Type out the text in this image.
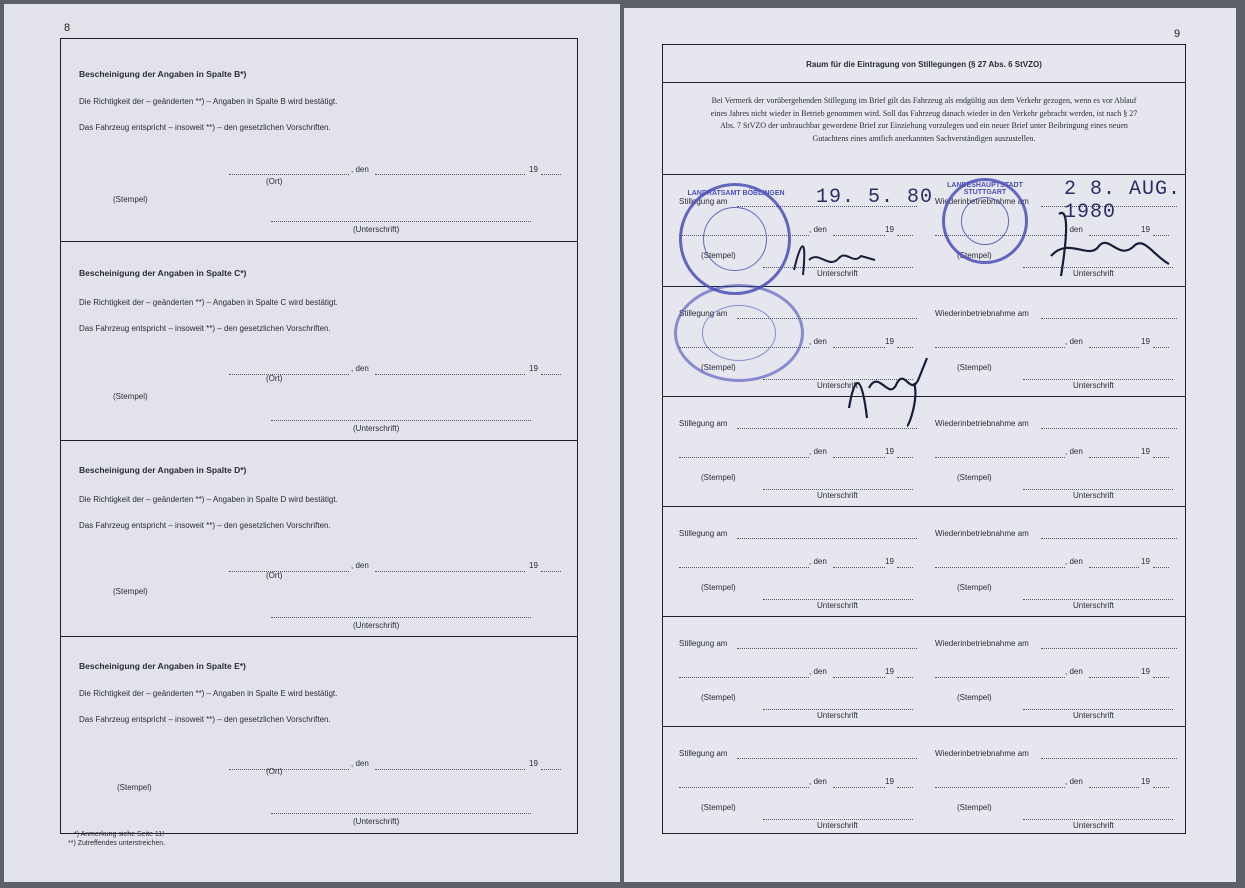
8
Bescheinigung der Angaben in Spalte B*)
Die Richtigkeit der – geänderten **) – Angaben in Spalte B wird bestätigt.
Das Fahrzeug entspricht – insoweit **) – den gesetzlichen Vorschriften.
, den	19
(Ort)
(Stempel)
(Unterschrift)
Bescheinigung der Angaben in Spalte C*)
Die Richtigkeit der – geänderten **) – Angaben in Spalte C wird bestätigt.
Das Fahrzeug entspricht – insoweit **) – den gesetzlichen Vorschriften.
, den	19
(Ort)
(Stempel)
(Unterschrift)
Bescheinigung der Angaben in Spalte D*)
Die Richtigkeit der – geänderten **) – Angaben in Spalte D wird bestätigt.
Das Fahrzeug entspricht – insoweit **) – den gesetzlichen Vorschriften.
, den	19
(Ort)
(Stempel)
(Unterschrift)
Bescheinigung der Angaben in Spalte E*)
Die Richtigkeit der – geänderten **) – Angaben in Spalte E wird bestätigt.
Das Fahrzeug entspricht – insoweit **) – den gesetzlichen Vorschriften.
, den	19
(Ort)
(Stempel)
(Unterschrift)
*) Anmerkung siehe Seite 11!
**) Zutreffendes unterstreichen.
9
Raum für die Eintragung von Stillegungen (§ 27 Abs. 6 StVZO)
Bei Vermerk der vorübergehenden Stillegung im Brief gilt das Fahrzeug als endgültig aus dem Verkehr gezogen, wenn es vor Ablauf eines Jahres nicht wieder in Betrieb genommen wird. Soll das Fahrzeug danach wieder in den Verkehr gebracht werden, ist nach § 27 Abs. 7 StVZO der unbrauchbar gewordene Brief zur Einziehung vorzulegen und ein neuer Brief unter Beibringung eines neuen Gutachtens eines amtlich anerkannten Sachverständigen auszustellen.
Stillegung am	Wiederinbetriebnahme am
, den	19	, den	19
(Stempel)	(Stempel)
Unterschrift	Unterschrift
Stillegung am	Wiederinbetriebnahme am
, den	19	, den	19
(Stempel)	(Stempel)
Unterschrift	Unterschrift
Stillegung am	Wiederinbetriebnahme am
, den	19	, den	19
(Stempel)	(Stempel)
Unterschrift	Unterschrift
Stillegung am	Wiederinbetriebnahme am
, den	19	, den	19
(Stempel)	(Stempel)
Unterschrift	Unterschrift
Stillegung am	Wiederinbetriebnahme am
, den	19	, den	19
(Stempel)	(Stempel)
Unterschrift	Unterschrift
Stillegung am	Wiederinbetriebnahme am
, den	19	, den	19
(Stempel)	(Stempel)
Unterschrift	Unterschrift
LANDRATSAMT BÖBLINGEN
LANDESHAUPTSTADT STUTTGART
19. 5. 80	2 8. AUG. 1980
